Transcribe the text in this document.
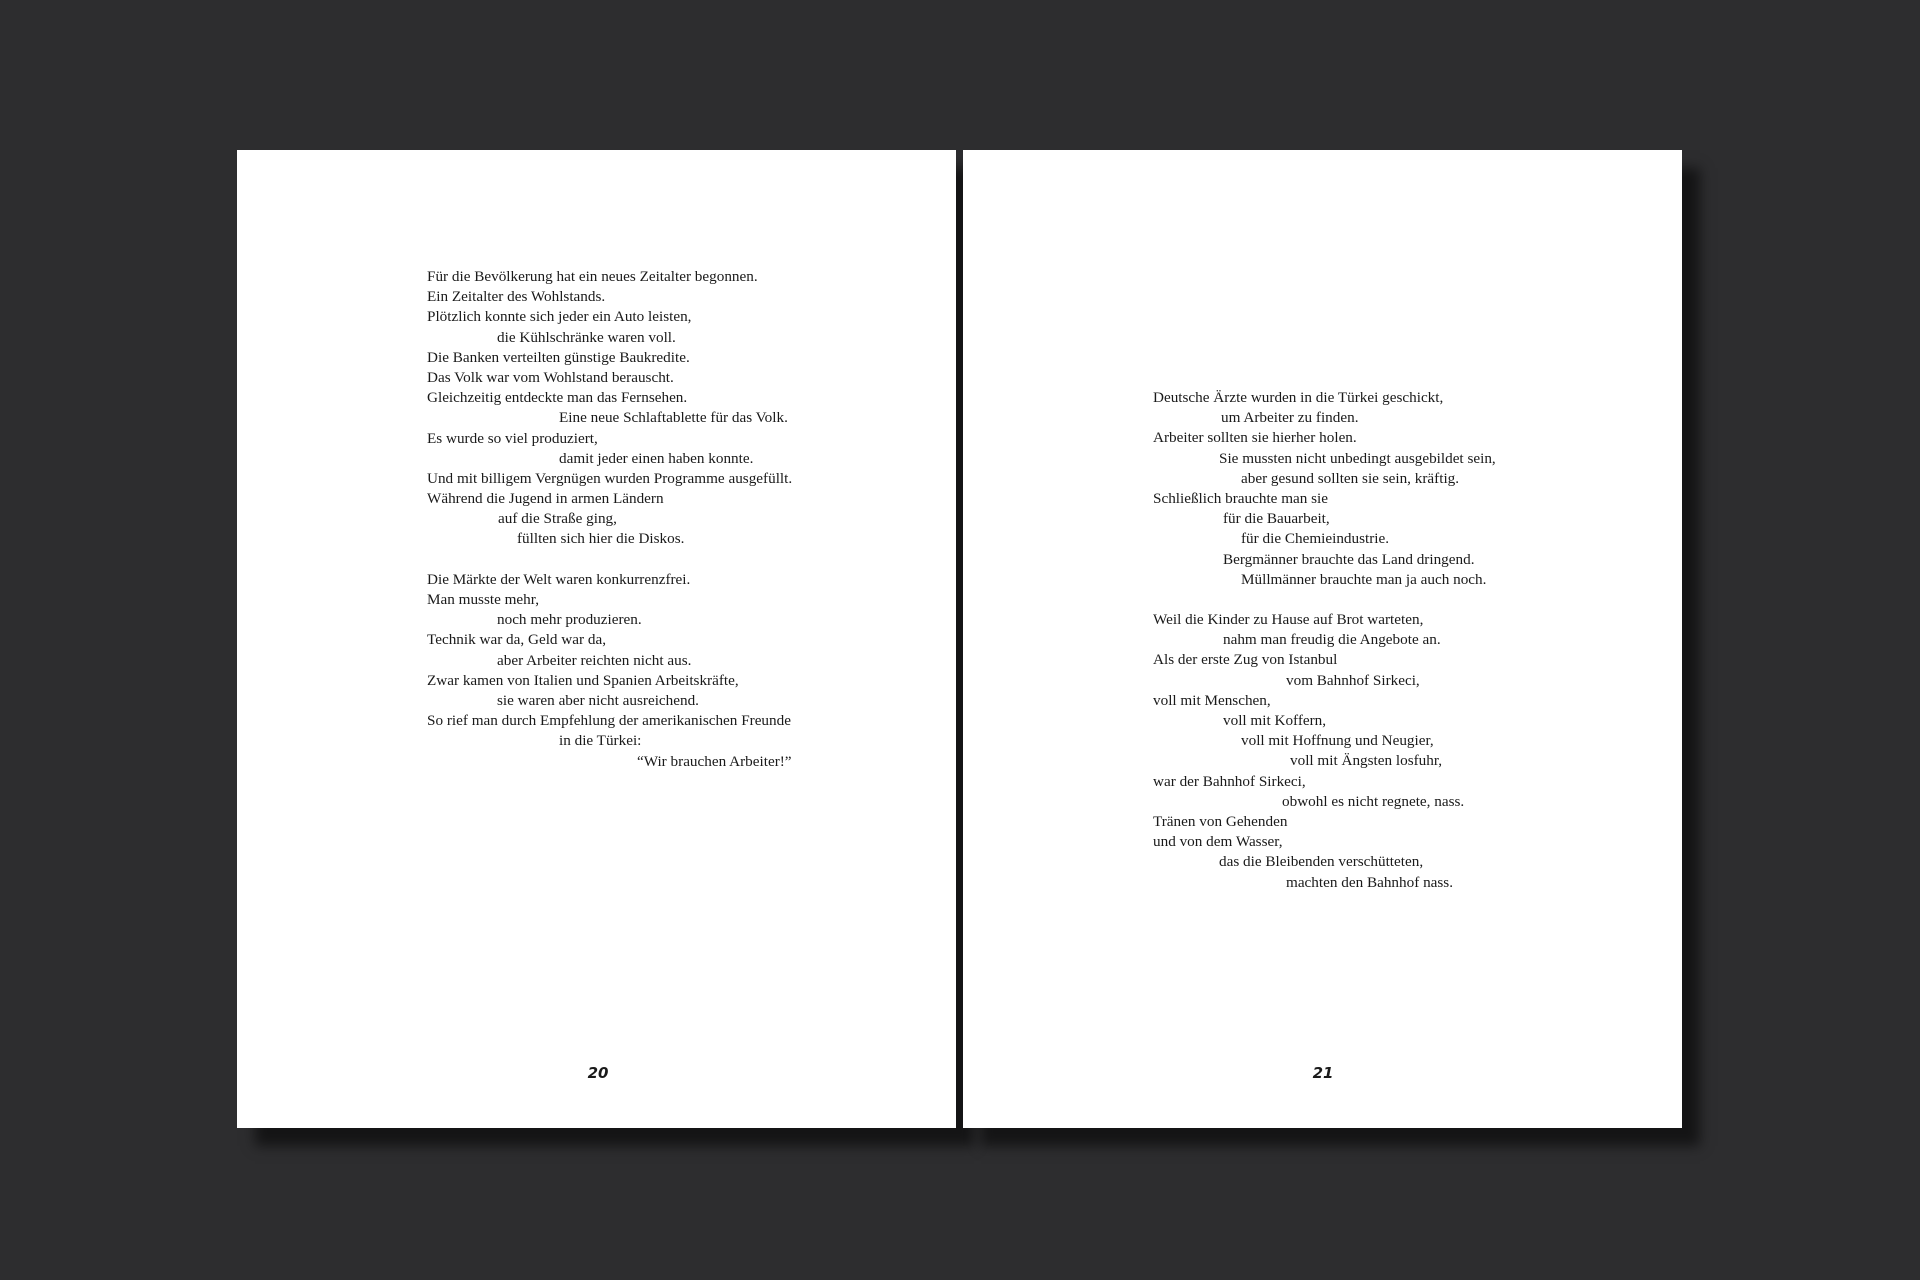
Für die Bevölkerung hat ein neues Zeitalter begonnen.
Ein Zeitalter des Wohlstands.
Plötzlich konnte sich jeder ein Auto leisten,
die Kühlschränke waren voll.
Die Banken verteilten günstige Baukredite.
Das Volk war vom Wohlstand berauscht.
Gleichzeitig entdeckte man das Fernsehen.
Eine neue Schlaftablette für das Volk.
Es wurde so viel produziert,
damit jeder einen haben konnte.
Und mit billigem Vergnügen wurden Programme ausgefüllt.
Während die Jugend in armen Ländern
auf die Straße ging,
füllten sich hier die Diskos.
Die Märkte der Welt waren konkurrenzfrei.
Man musste mehr,
noch mehr produzieren.
Technik war da, Geld war da,
aber Arbeiter reichten nicht aus.
Zwar kamen von Italien und Spanien Arbeitskräfte,
sie waren aber nicht ausreichend.
So rief man durch Empfehlung der amerikanischen Freunde
in die Türkei:
“Wir brauchen Arbeiter!”
20
Deutsche Ärzte wurden in die Türkei geschickt,
um Arbeiter zu finden.
Arbeiter sollten sie hierher holen.
Sie mussten nicht unbedingt ausgebildet sein,
aber gesund sollten sie sein, kräftig.
Schließlich brauchte man sie
für die Bauarbeit,
für die Chemieindustrie.
Bergmänner brauchte das Land dringend.
Müllmänner brauchte man ja auch noch.
Weil die Kinder zu Hause auf Brot warteten,
nahm man freudig die Angebote an.
Als der erste Zug von Istanbul
vom Bahnhof Sirkeci,
voll mit Menschen,
voll mit Koffern,
voll mit Hoffnung und Neugier,
voll mit Ängsten losfuhr,
war der Bahnhof Sirkeci,
obwohl es nicht regnete, nass.
Tränen von Gehenden
und von dem Wasser,
das die Bleibenden verschütteten,
machten den Bahnhof nass.
21
